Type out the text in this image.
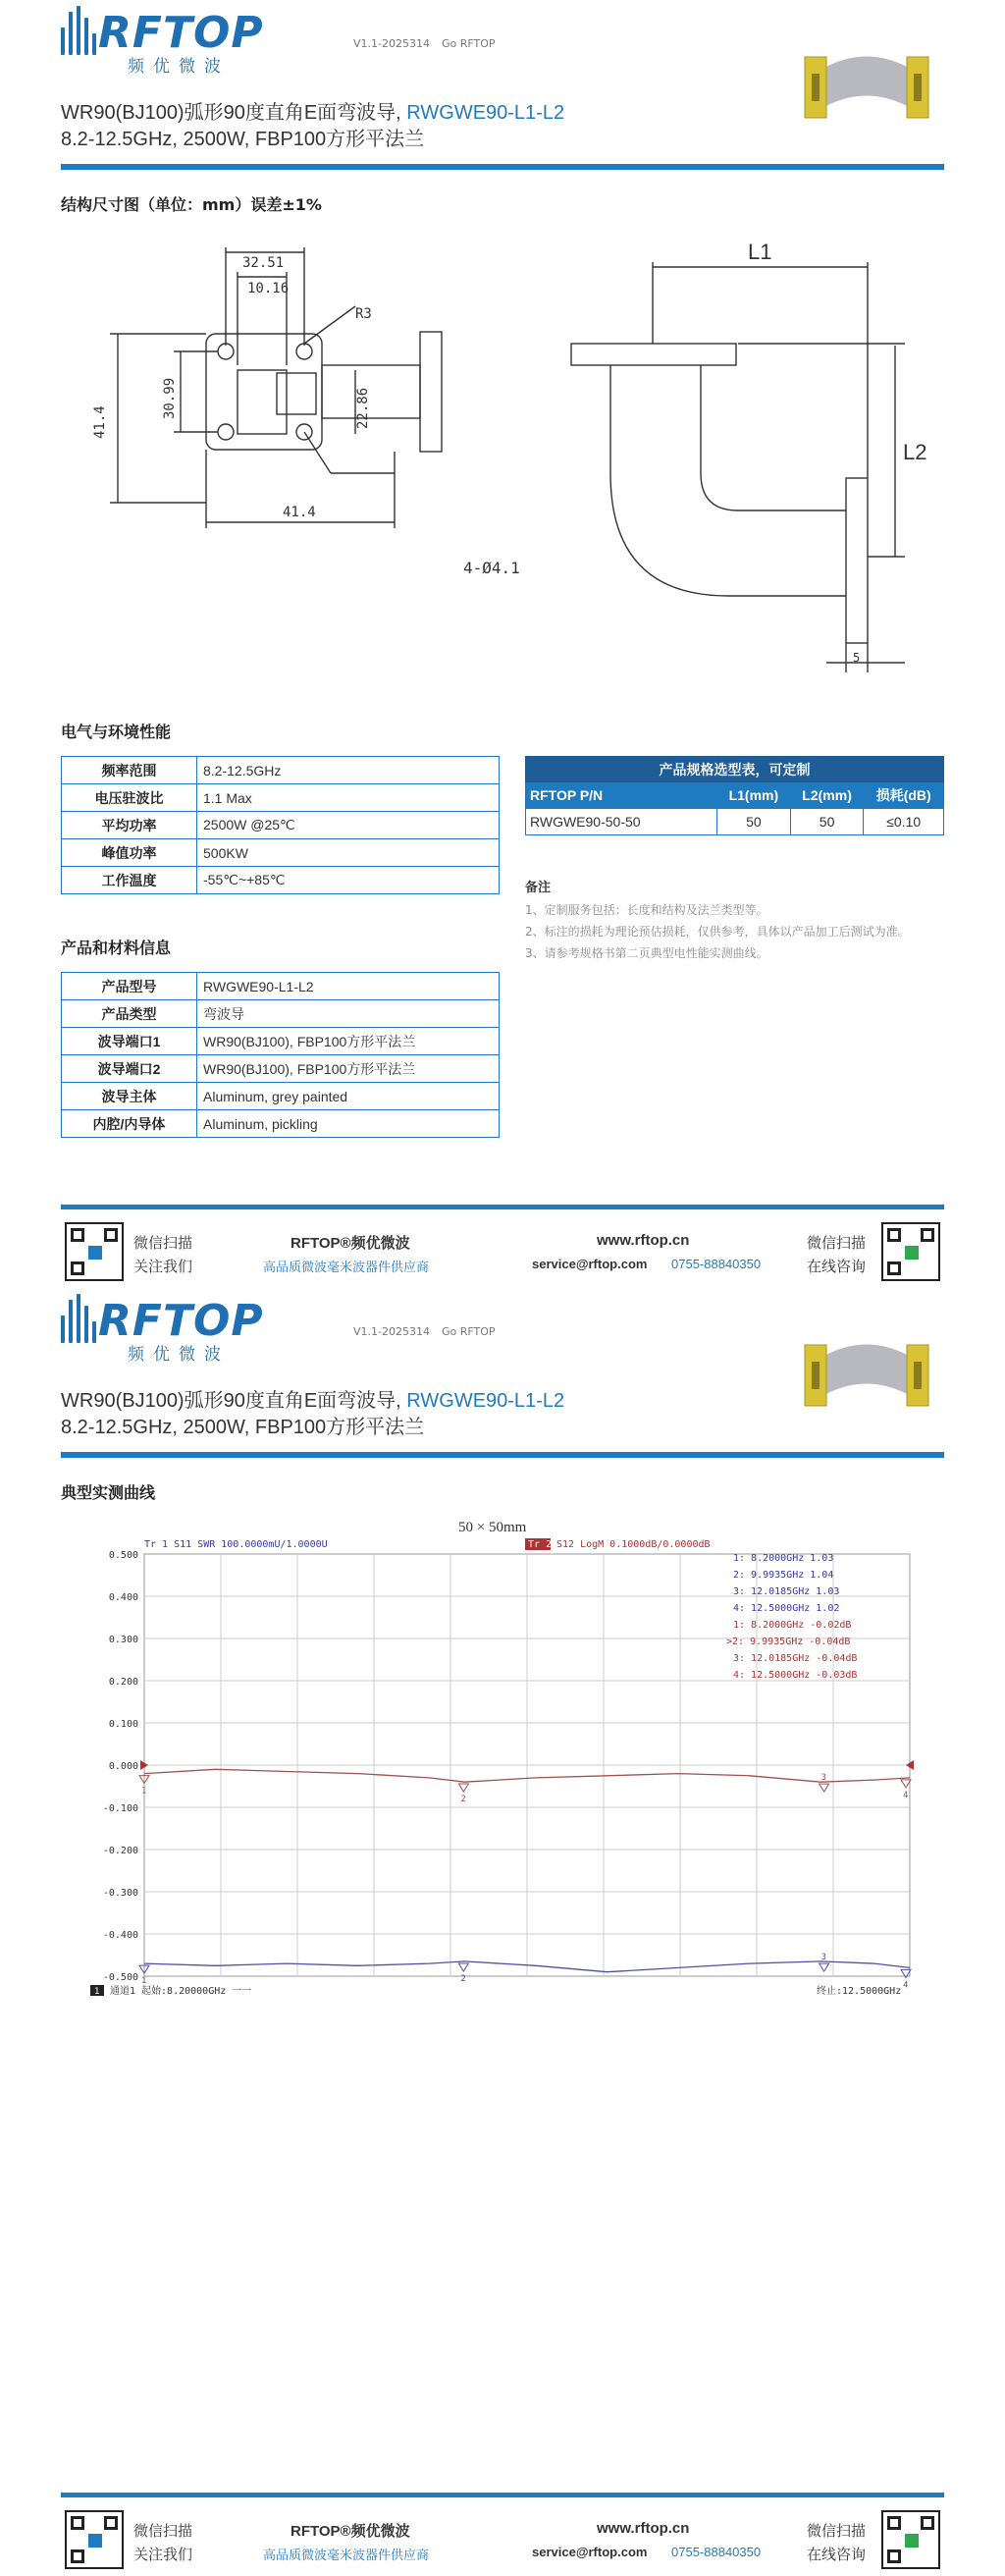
RFTOP
频优微波
V1.1-2025314 Go RFTOP
WR90(BJ100)弧形90度直角E面弯波导, RWGWE90-L1-L2
8.2-12.5GHz, 2500W, FBP100方形平法兰
结构尺寸图（单位：mm）误差±1%
32.51
10.16
R3
41.4
30.99	22.86
41.4
4-Ø4.1
L1
L2
5
电气与环境性能
频率范围	8.2-12.5GHz
电压驻波比	1.1 Max
平均功率	2500W @25℃
峰值功率	500KW
工作温度	-55℃~+85℃
产品规格选型表，可定制			
RFTOP P/N	L1(mm)	L2(mm)	损耗(dB)
RWGWE90-50-50	50	50	≤0.10
备注
1、定制服务包括：长度和结构及法兰类型等。
2、标注的损耗为理论预估损耗，仅供参考，具体以产品加工后测试为准。
3、请参考规格书第二页典型电性能实测曲线。
产品和材料信息
产品型号	RWGWE90-L1-L2
产品类型	弯波导
波导端口1	WR90(BJ100), FBP100方形平法兰
波导端口2	WR90(BJ100), FBP100方形平法兰
波导主体	Aluminum, grey painted
内腔/内导体	Aluminum, pickling
微信扫描
关注我们
RFTOP®频优微波
高品质微波毫米波器件供应商
www.rftop.cn
service@rftop.com 0755-88840350
微信扫描
在线咨询
RFTOP
频优微波
V1.1-2025314 Go RFTOP
WR90(BJ100)弧形90度直角E面弯波导, RWGWE90-L1-L2
8.2-12.5GHz, 2500W, FBP100方形平法兰
典型实测曲线
50 × 50mm
Tr 1 S11 SWR 100.0000mU/1.0000U	Tr 2 S12 LogM 0.1000dB/0.0000dB
0.500
0.400
0.300
0.200
0.100
0.000
-0.100
-0.200
-0.300
-0.400
-0.500
1
2
3
4
1	2
3
4
1: 8.2000GHz 1.03
2: 9.9935GHz 1.04
3: 12.0185GHz 1.03
4: 12.5000GHz 1.02
1: 8.2000GHz -0.02dB
>2: 9.9935GHz -0.04dB
3: 12.0185GHz -0.04dB
4: 12.5000GHz -0.03dB
1 通道1 起始:8.20000GHz 一一	终止:12.5000GHz
微信扫描
关注我们
RFTOP®频优微波
高品质微波毫米波器件供应商
www.rftop.cn
service@rftop.com 0755-88840350
微信扫描
在线咨询
